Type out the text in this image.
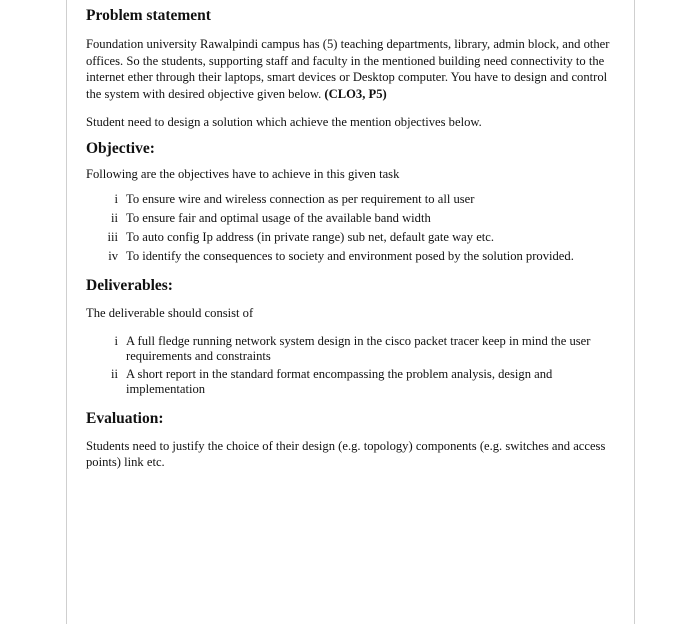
Problem statement

Foundation university Rawalpindi campus has (5) teaching departments, library, admin block, and other offices. So the students, supporting staff and faculty in the mentioned building need connectivity to the internet ether through their laptops, smart devices or Desktop computer. You have to design and control the system with desired objective given below. (CLO3, P5)

Student need to design a solution which achieve the mention objectives below.

Objective:

Following are the objectives have to achieve in this given task

i To ensure wire and wireless connection as per requirement to all user
ii To ensure fair and optimal usage of the available band width
iii To auto config Ip address (in private range) sub net, default gate way etc.
iv To identify the consequences to society and environment posed by the solution provided.
Deliverables:

The deliverable should consist of

i A full fledge running network system design in the cisco packet tracer keep in mind the user requirements and constraints
ii A short report in the standard format encompassing the problem analysis, design and implementation
Evaluation:

Students need to justify the choice of their design (e.g. topology) components (e.g. switches and access points) link etc.
